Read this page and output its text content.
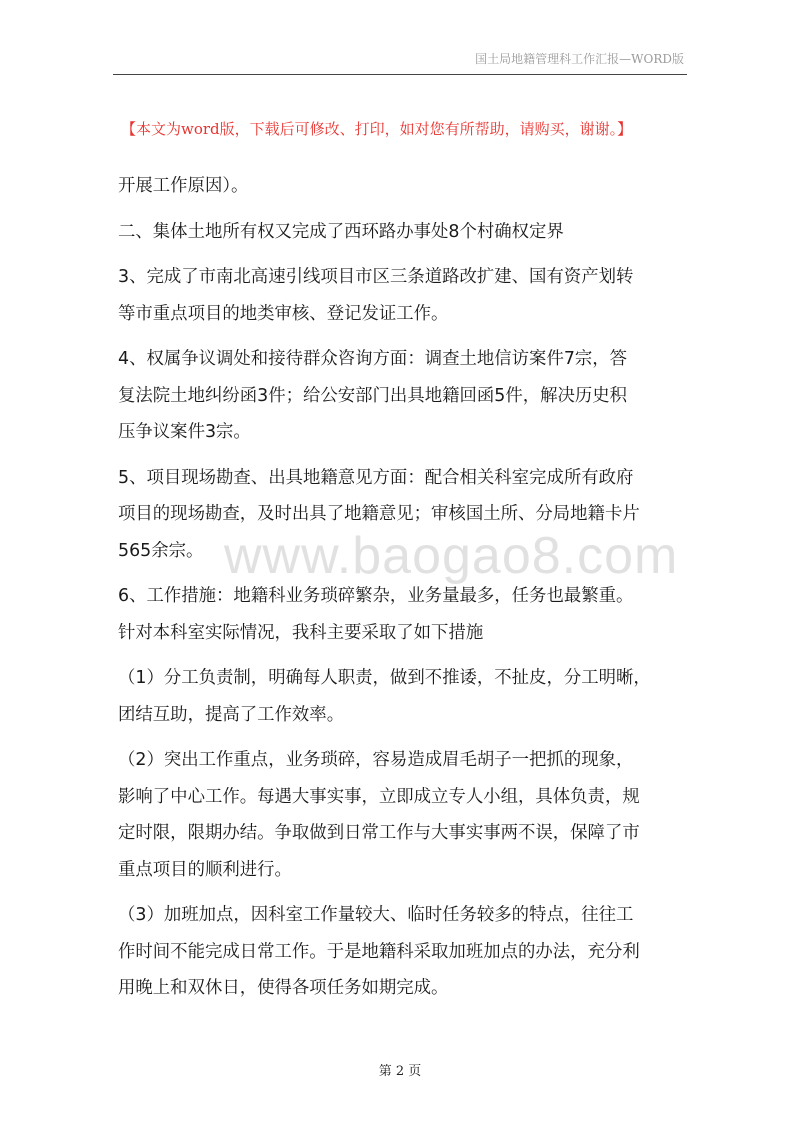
国土局地籍管理科工作汇报—WORD版
【本文为word版，下载后可修改、打印，如对您有所帮助，请购买，谢谢。】
开展工作原因）。
二、集体土地所有权又完成了西环路办事处8个村确权定界
3、完成了市南北高速引线项目市区三条道路改扩建、国有资产划转
等市重点项目的地类审核、登记发证工作。
4、权属争议调处和接待群众咨询方面：调查土地信访案件7宗，答
复法院土地纠纷函3件；给公安部门出具地籍回函5件，解决历史积
压争议案件3宗。
5、项目现场勘查、出具地籍意见方面：配合相关科室完成所有政府
项目的现场勘查，及时出具了地籍意见；审核国土所、分局地籍卡片
565余宗。
6、工作措施：地籍科业务琐碎繁杂，业务量最多，任务也最繁重。
针对本科室实际情况，我科主要采取了如下措施
（1）分工负责制，明确每人职责，做到不推诿，不扯皮，分工明晰，
团结互助，提高了工作效率。
（2）突出工作重点，业务琐碎，容易造成眉毛胡子一把抓的现象，
影响了中心工作。每遇大事实事，立即成立专人小组，具体负责，规
定时限，限期办结。争取做到日常工作与大事实事两不误，保障了市
重点项目的顺利进行。
（3）加班加点，因科室工作量较大、临时任务较多的特点，往往工
作时间不能完成日常工作。于是地籍科采取加班加点的办法，充分利
用晚上和双休日，使得各项任务如期完成。
www.baogao8.com
第 2 页
